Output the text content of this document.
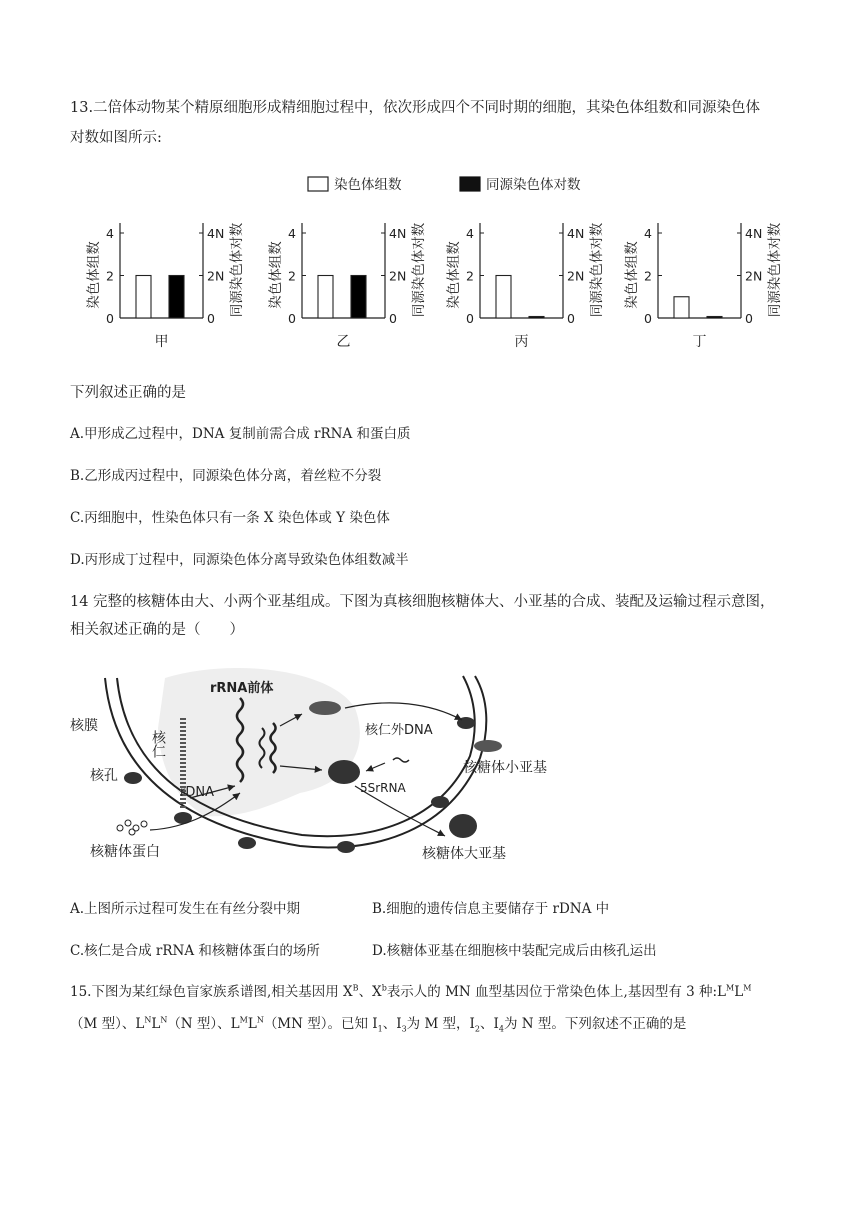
13.二倍体动物某个精原细胞形成精细胞过程中，依次形成四个不同时期的细胞，其染色体组数和同源染色体
对数如图所示:
染色体组数	同源染色体对数
染色体组数
0	0
2	2N
4	4N 同源染色体对数
甲
染色体组数
0	0
2	2N
4	4N 同源染色体对数
乙
染色体组数
0	0
2	2N
4	4N 同源染色体对数
丙
染色体组数
0	0
2	2N
4	4N 同源染色体对数
丁
下列叙述正确的是
A.甲形成乙过程中，DNA 复制前需合成 rRNA 和蛋白质
B.乙形成丙过程中，同源染色体分离，着丝粒不分裂
C.丙细胞中，性染色体只有一条 X 染色体或 Y 染色体
D.丙形成丁过程中，同源染色体分离导致染色体组数减半
14 完整的核糖体由大、小两个亚基组成。下图为真核细胞核糖体大、小亚基的合成、装配及运输过程示意图，
相关叙述正确的是（　　）
核膜
核仁
核孔
rDNA
rRNA前体
核仁外DNA
5SrRNA
核糖体小亚基
核糖体大亚基
核糖体蛋白
A.上图所示过程可发生在有丝分裂中期	B.细胞的遗传信息主要储存于 rDNA 中
C.核仁是合成 rRNA 和核糖体蛋白的场所	D.核糖体亚基在细胞核中装配完成后由核孔运出
15.下图为某红绿色盲家族系谱图,相关基因用 $X^B$、$X^b$表示人的 MN 血型基因位于常染色体上,基因型有 3 种$:L^ML^M$
（M 型）、$L^NL^N(N$ 型）、$L^ML^N(MN$ 型）。已知 $I_1$、$I_3$为 M 型，$I_2$、$I_4$为 N 型。下列叙述不正确的是
